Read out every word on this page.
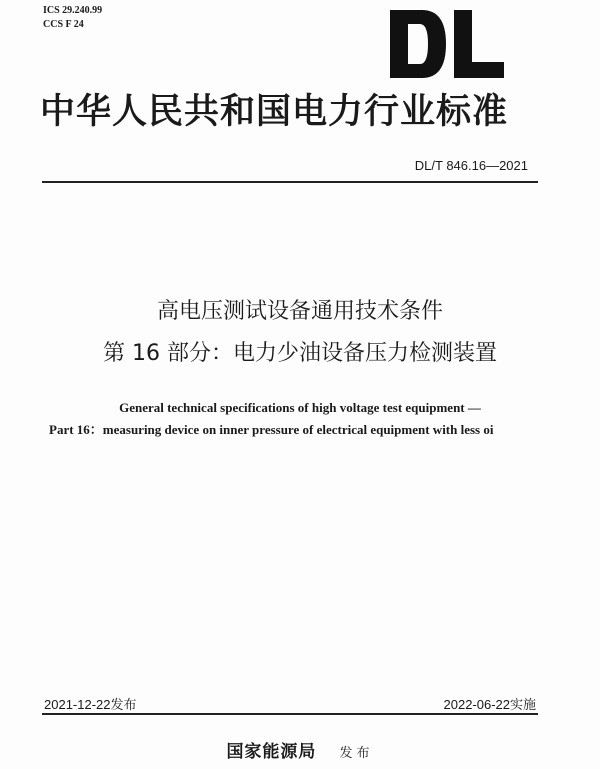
ICS 29.240.99
CCS F 24
中华人民共和国电力行业标准
DL/T 846.16—2021
高电压测试设备通用技术条件
第 16 部分：电力少油设备压力检测装置
General technical specifications of high voltage test equipment —
Part 16：measuring device on inner pressure of electrical equipment with less oi
2021-12-22发布	2022-06-22实施
国家能源局 发布
